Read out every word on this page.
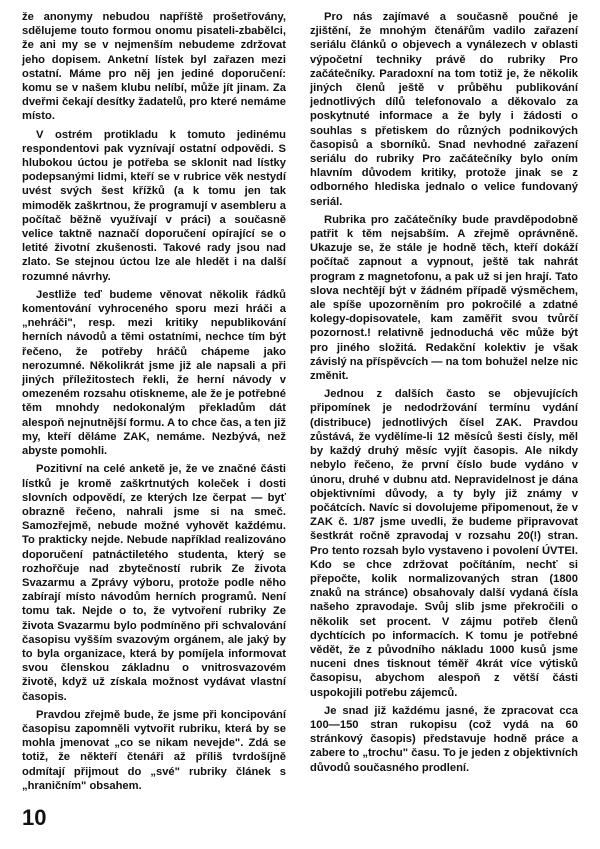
že anonymy nebudou napříště prošetřovány, sdělujeme touto formou onomu pisateli-zbabělci, že ani my se v nejmenším nebudeme zdržovat jeho dopisem. Anketní lístek byl zařazen mezi ostatní. Máme pro něj jen jediné doporučení: komu se v našem klubu nelíbí, může jít jinam. Za dveřmi čekají desítky žadatelů, pro které nemáme místo.

V ostrém protikladu k tomuto jedinému respondentovi pak vyznívají ostatní odpovědi. S hlubokou úctou je potřeba se sklonit nad lístky podepsanými lidmi, kteří se v rubrice věk nestydí uvést svých šest křížků (a k tomu jen tak mimoděk zaškrtnou, že programují v asembleru a počítač běžně využívají v práci) a současně velice taktně naznačí doporučení opírající se o letité životní zkušenosti. Takové rady jsou nad zlato. Se stejnou úctou lze ale hledět i na další rozumné návrhy.

Jestliže teď budeme věnovat několik řádků komentování vyhroceného sporu mezi hráči a „nehráči", resp. mezi kritiky nepublikování herních návodů a těmi ostatními, nechce tím být řečeno, že potřeby hráčů chápeme jako nerozumné. Několikrát jsme již ale napsali a při jiných příležitostech řekli, že herní návody v omezeném rozsahu otiskneme, ale že je potřebné těm mnohdy nedokonalým překladům dát alespoň nejnutnější formu. A to chce čas, a ten již my, kteří děláme ZAK, nemáme. Nezbývá, než abyste pomohli.

Pozitivní na celé anketě je, že ve značné části lístků je kromě zaškrtnutých koleček i dosti slovních odpovědí, ze kterých lze čerpat — byť obrazně řečeno, nahrali jsme si na smeč. Samozřejmě, nebude možné vyhovět každému. To prakticky nejde. Nebude například realizováno doporučení patnáctiletého studenta, který se rozhořčuje nad zbytečností rubrik Ze života Svazarmu a Zprávy výboru, protože podle něho zabírají místo návodům herních programů. Není tomu tak. Nejde o to, že vytvoření rubriky Ze života Svazarmu bylo podmíněno při schvalování časopisu vyšším svazovým orgánem, ale jaký by to byla organizace, která by pomíjela informovat svou členskou základnu o vnitrosvazovém životě, když už získala možnost vydávat vlastní časopis.

Pravdou zřejmě bude, že jsme při koncipování časopisu zapomněli vytvořit rubriku, která by se mohla jmenovat „co se nikam nevejde". Zdá se totiž, že někteří čtenáři až příliš tvrdošíjně odmítají přijmout do „své" rubriky článek s „hraničním" obsahem.

Pro nás zajímavé a současně poučné je zjištění, že mnohým čtenářům vadilo zařazení seriálu článků o objevech a vynálezech v oblasti výpočetní techniky právě do rubriky Pro začátečníky. Paradoxní na tom totiž je, že několik jiných členů ještě v průběhu publikování jednotlivých dílů telefonovalo a děkovalo za poskytnuté informace a že byly i žádosti o souhlas s přetiskem do různých podnikových časopisů a sborníků. Snad nevhodné zařazení seriálu do rubriky Pro začátečníky bylo oním hlavním důvodem kritiky, protože jinak se z odborného hlediska jednalo o velice fundovaný seriál.

Rubrika pro začátečníky bude pravděpodobně patřit k těm nejsabším. A zřejmě oprávněně. Ukazuje se, že stále je hodně těch, kteří dokáží počítač zapnout a vypnout, ještě tak nahrát program z magnetofonu, a pak už si jen hrají. Tato slova nechtějí být v žádném případě výsměchem, ale spíše upozorněním pro pokročilé a zdatné kolegy-dopisovatele, kam zaměřit svou tvůrčí pozornost.! relativně jednoduchá věc může být pro jiného složitá. Redakční kolektiv je však závislý na příspěvcích — na tom bohužel nelze nic změnit.

Jednou z dalších často se objevujících připomínek je nedodržování termínu vydání (distribuce) jednotlivých čísel ZAK. Pravdou zůstává, že vydělíme-li 12 měsíců šesti čísly, měl by každý druhý měsíc vyjít časopis. Ale nikdy nebylo řečeno, že první číslo bude vydáno v únoru, druhé v dubnu atd. Nepravidelnost je dána objektivními důvody, a ty byly již známy v počátcích. Navíc si dovolujeme připomenout, že v ZAK č. 1/87 jsme uvedli, že budeme připravovat šestkrát ročně zpravodaj v rozsahu 20(!) stran. Pro tento rozsah bylo vystaveno i povolení ÚVTEI. Kdo se chce zdržovat počítáním, nechť si přepočte, kolik normalizovaných stran (1800 znaků na stránce) obsahovaly další vydaná čísla našeho zpravodaje. Svůj slib jsme překročili o několik set procent. V zájmu potřeb členů dychtících po informacích. K tomu je potřebné vědět, že z původního nákladu 1000 kusů jsme nuceni dnes tisknout téměř 4krát více výtisků časopisu, abychom alespoň z větší části uspokojili potřebu zájemců.

Je snad již každému jasné, že zpracovat cca 100—150 stran rukopisu (což vydá na 60 stránkový časopis) představuje hodně práce a zabere to „trochu" času. To je jeden z objektivních důvodů současného prodlení.

10
